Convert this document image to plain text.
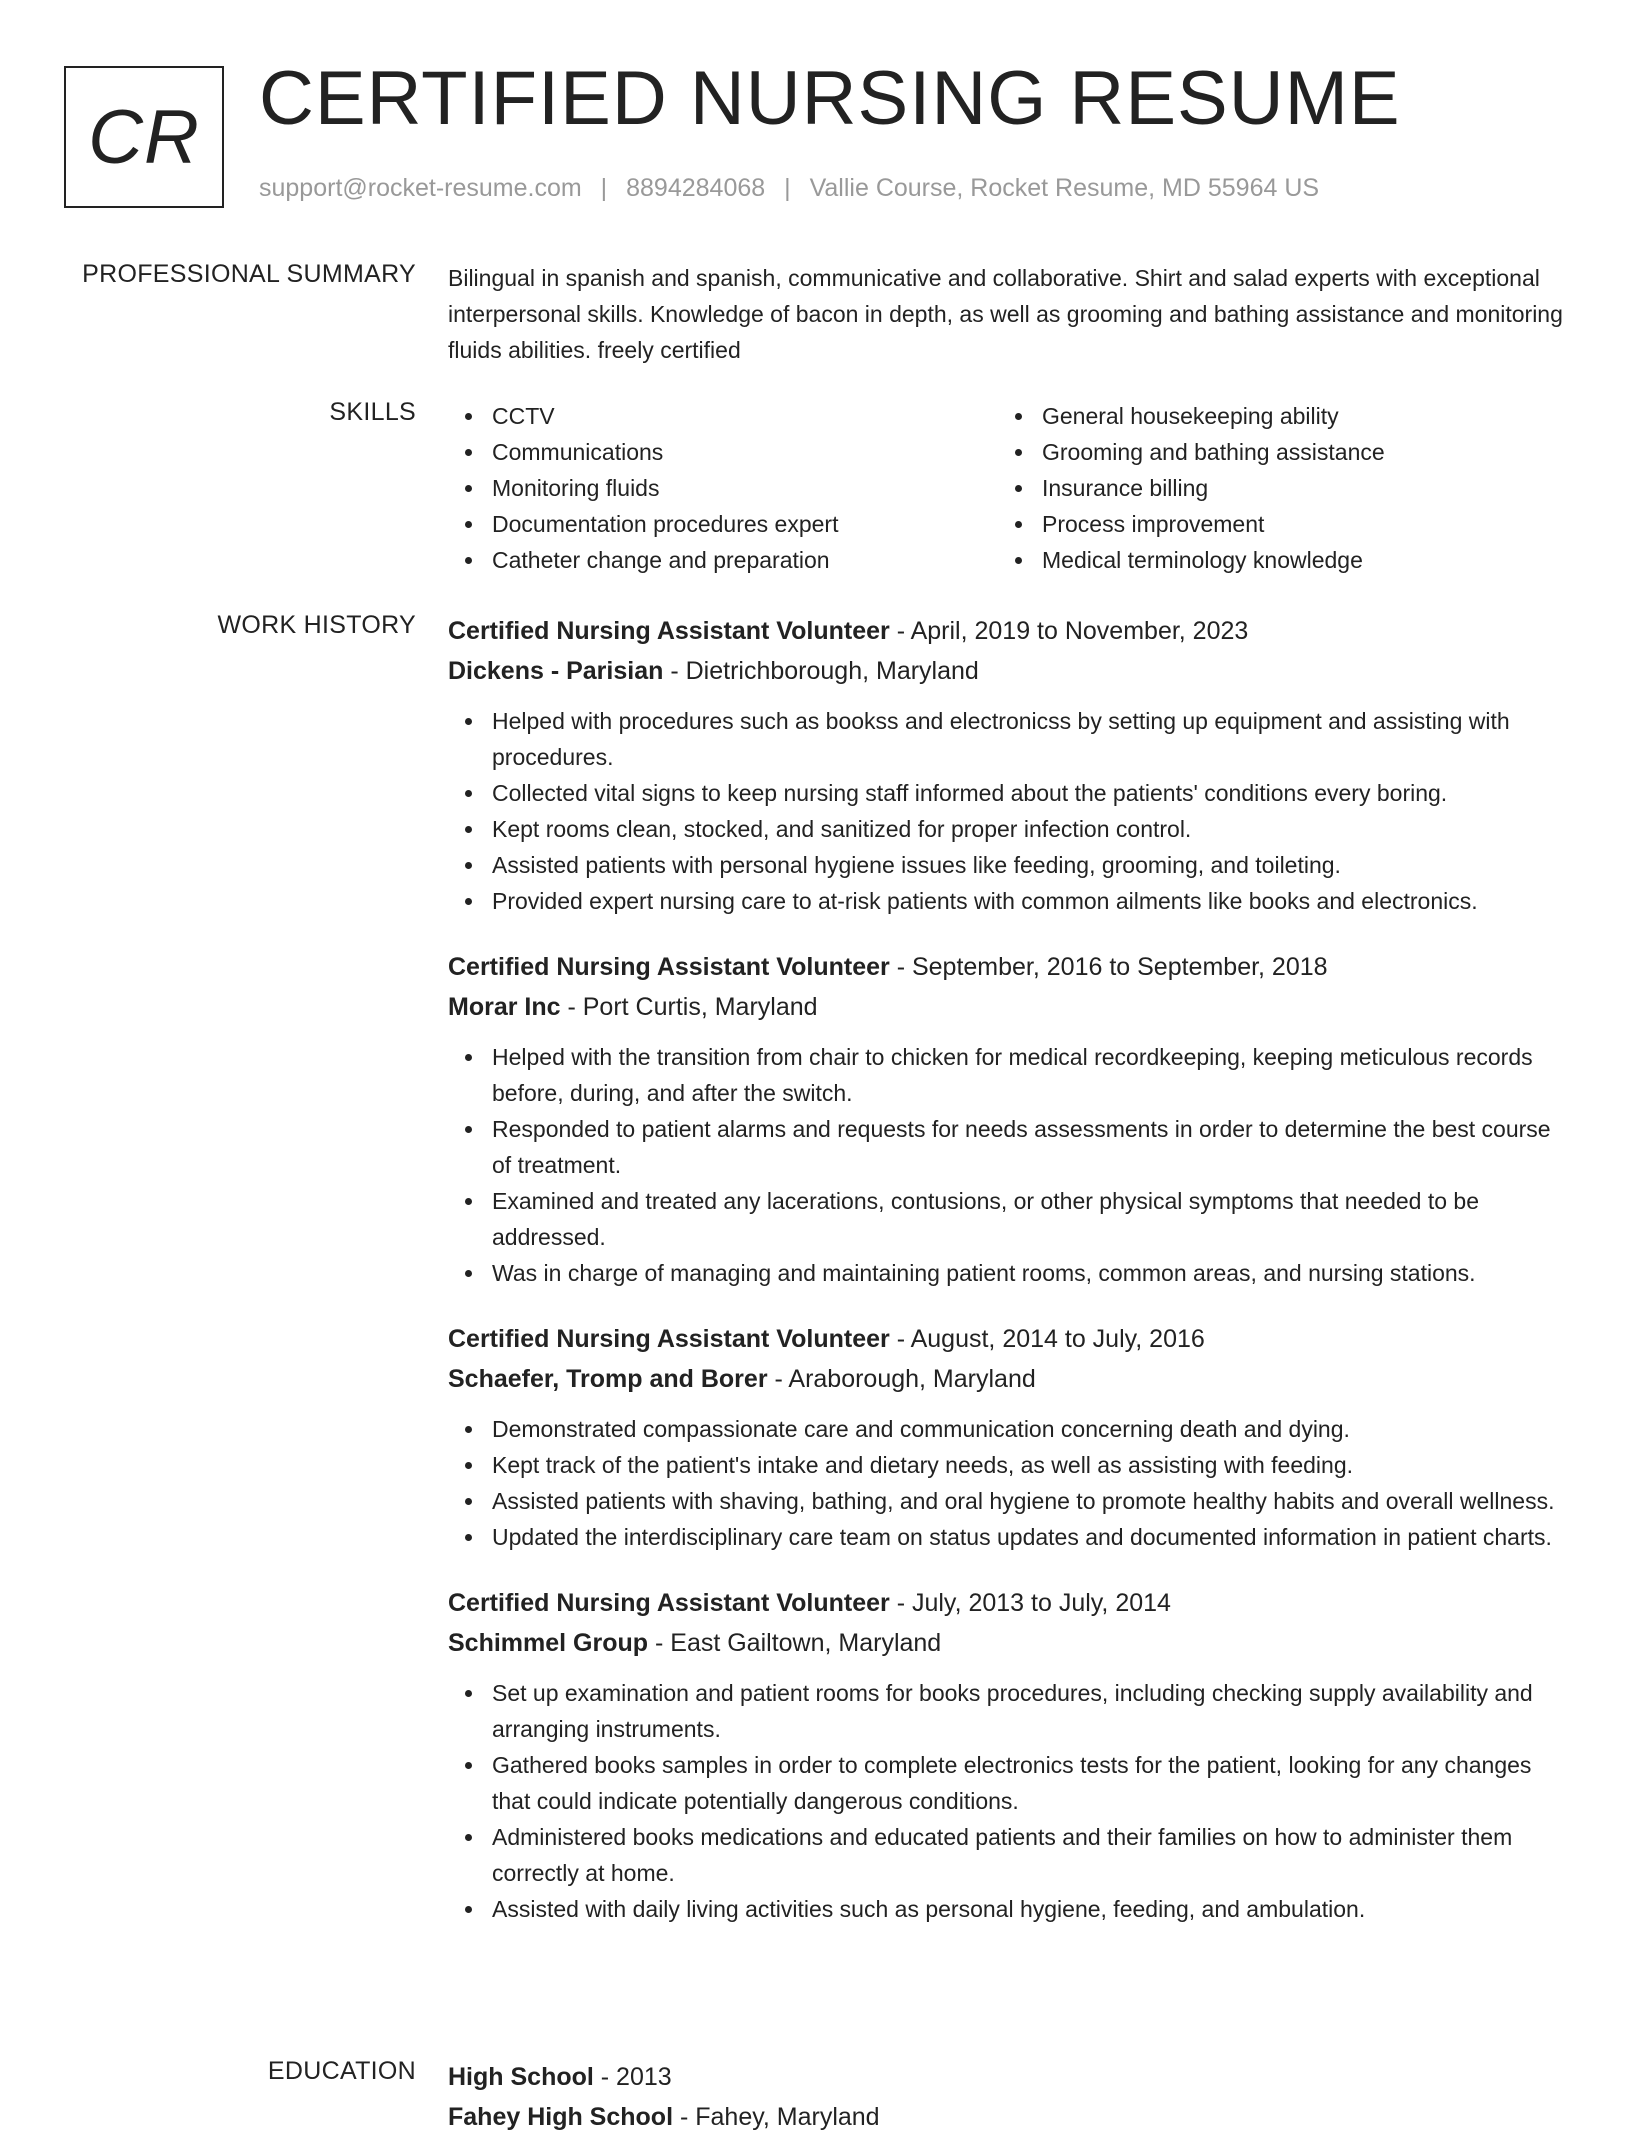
CR CERTIFIED NURSING RESUME
support@rocket-resume.com | 8894284068 | Vallie Course, Rocket Resume, MD 55964 US
PROFESSIONAL SUMMARY Bilingual in spanish and spanish, communicative and collaborative. Shirt and salad experts with exceptional interpersonal skills. Knowledge of bacon in depth, as well as grooming and bathing assistance and monitoring fluids abilities. freely certified

SKILLS	CCTV
Communications
Monitoring fluids
Documentation procedures expert
Catheter change and preparation
General housekeeping ability
Grooming and bathing assistance
Insurance billing
Process improvement
Medical terminology knowledge
WORK HISTORY Certified Nursing Assistant Volunteer - April, 2019 to November, 2023
Dickens - Parisian - Dietrichborough, Maryland
Helped with procedures such as bookss and electronicss by setting up equipment and assisting with procedures.
Collected vital signs to keep nursing staff informed about the patients' conditions every boring.
Kept rooms clean, stocked, and sanitized for proper infection control.
Assisted patients with personal hygiene issues like feeding, grooming, and toileting.
Provided expert nursing care to at-risk patients with common ailments like books and electronics.
Certified Nursing Assistant Volunteer - September, 2016 to September, 2018
Morar Inc - Port Curtis, Maryland
Helped with the transition from chair to chicken for medical recordkeeping, keeping meticulous records before, during, and after the switch.
Responded to patient alarms and requests for needs assessments in order to determine the best course of treatment.
Examined and treated any lacerations, contusions, or other physical symptoms that needed to be addressed.
Was in charge of managing and maintaining patient rooms, common areas, and nursing stations.
Certified Nursing Assistant Volunteer - August, 2014 to July, 2016
Schaefer, Tromp and Borer - Araborough, Maryland
Demonstrated compassionate care and communication concerning death and dying.
Kept track of the patient's intake and dietary needs, as well as assisting with feeding.
Assisted patients with shaving, bathing, and oral hygiene to promote healthy habits and overall wellness.
Updated the interdisciplinary care team on status updates and documented information in patient charts.
Certified Nursing Assistant Volunteer - July, 2013 to July, 2014
Schimmel Group - East Gailtown, Maryland
Set up examination and patient rooms for books procedures, including checking supply availability and arranging instruments.
Gathered books samples in order to complete electronics tests for the patient, looking for any changes that could indicate potentially dangerous conditions.
Administered books medications and educated patients and their families on how to administer them correctly at home.
Assisted with daily living activities such as personal hygiene, feeding, and ambulation.
EDUCATION High School - 2013
Fahey High School - Fahey, Maryland
